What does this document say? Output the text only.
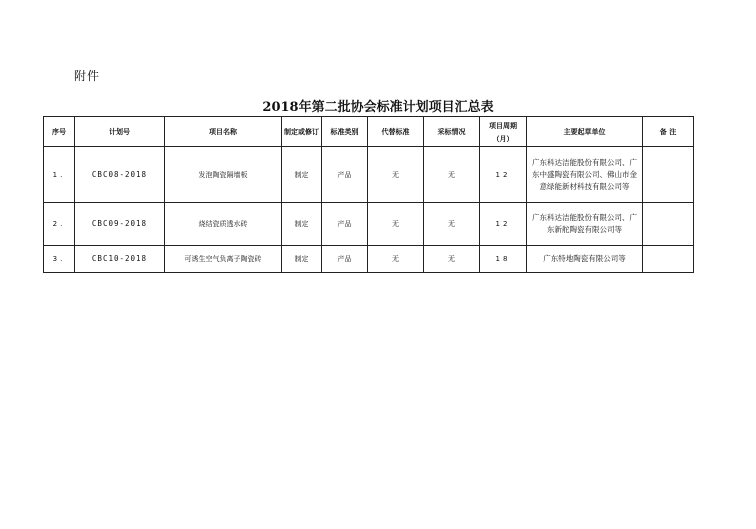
附件
2018年第二批协会标准计划项目汇总表
序号	计划号	项目名称	制定或修订	标准类别	代替标准	采标情况	项目周期（月）	主要起草单位	备 注
1.	CBC08-2018	发泡陶瓷隔墙板	制定	产品	无	无	12	广东科达洁能股份有限公司、广东中盛陶瓷有限公司、佛山市金意绿能新材科技有限公司等	
2.	CBC09-2018	烧结瓷质透水砖	制定	产品	无	无	12	广东科达洁能股份有限公司、广东新舵陶瓷有限公司等	
3.	CBC10-2018	可诱生空气负离子陶瓷砖	制定	产品	无	无	18	广东特地陶瓷有限公司等	
